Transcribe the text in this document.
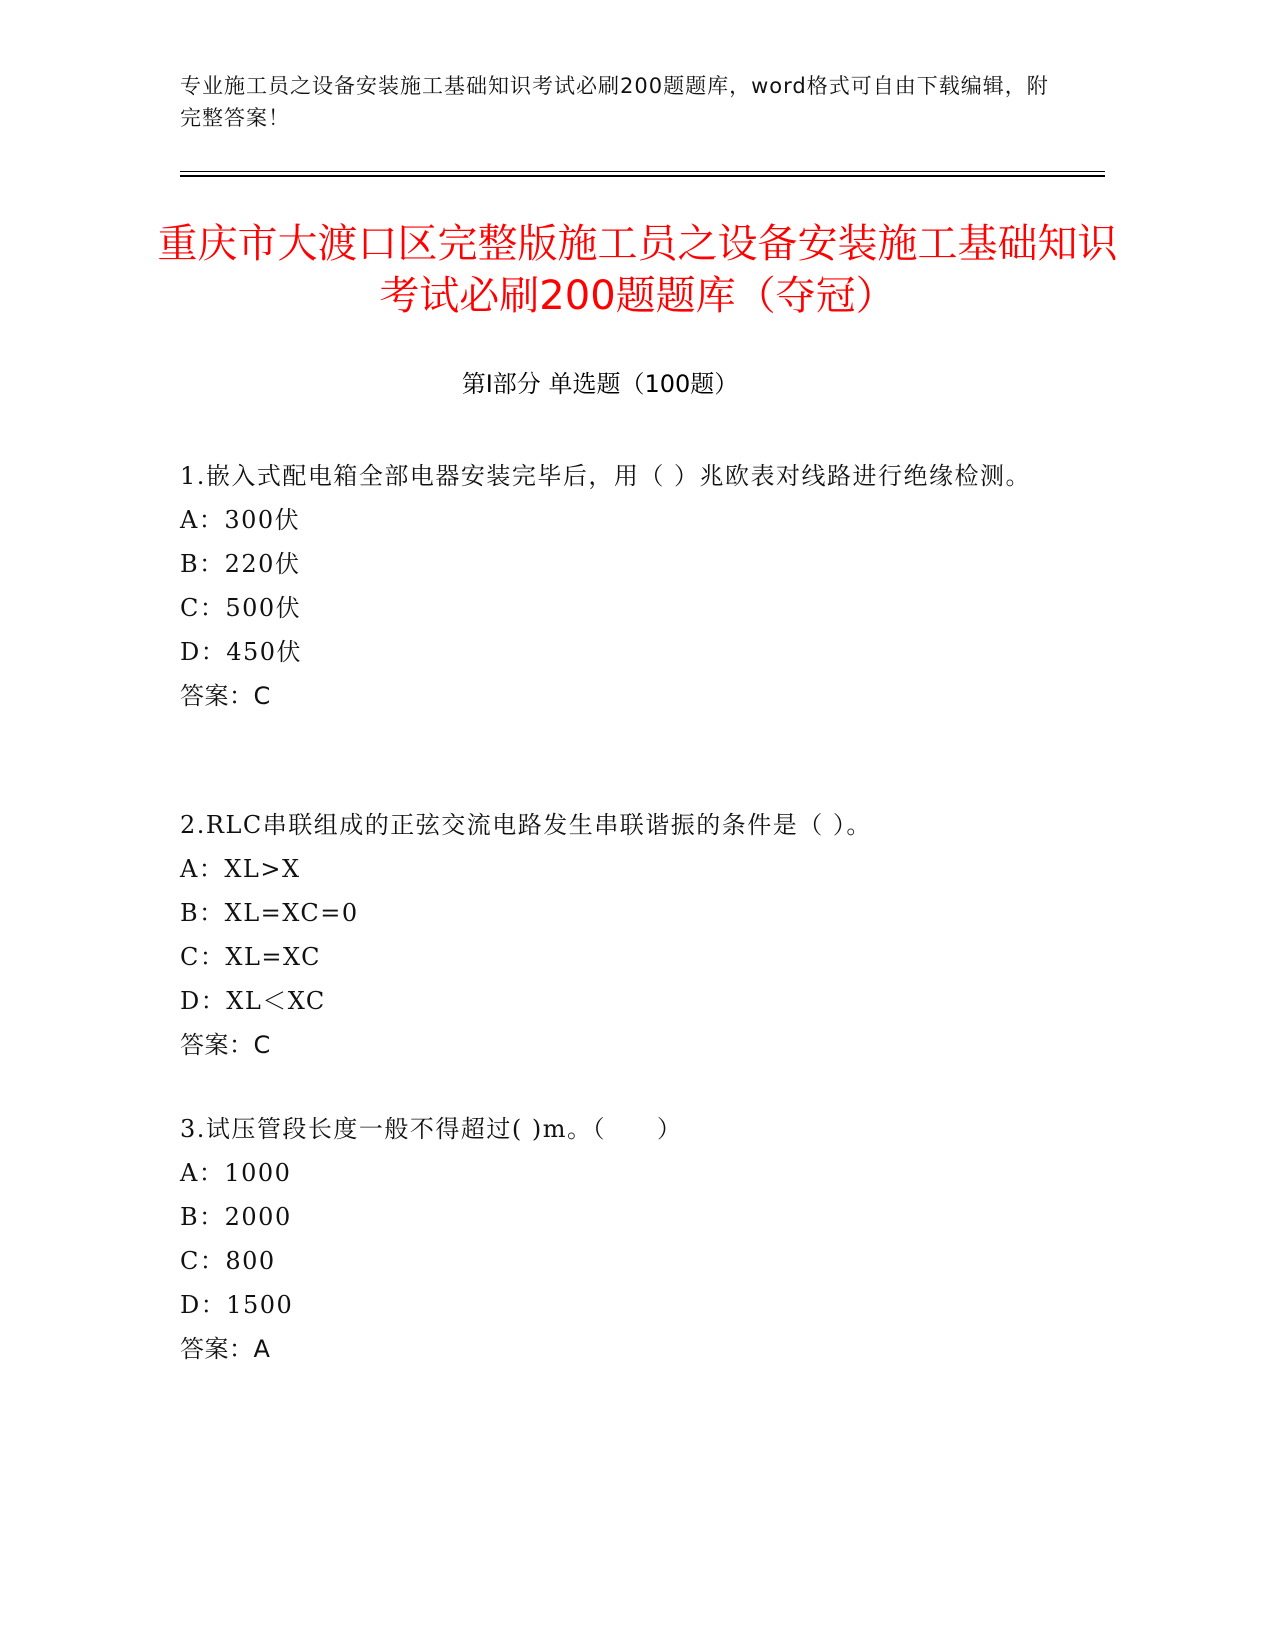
专业施工员之设备安装施工基础知识考试必刷200题题库，word格式可自由下载编辑，附完整答案！
重庆市大渡口区完整版施工员之设备安装施工基础知识考试必刷200题题库（夺冠）
第Ⅰ部分 单选题（100题）
1.嵌入式配电箱全部电器安装完毕后，用（ ）兆欧表对线路进行绝缘检测。
A：300伏
B：220伏
C：500伏
D：450伏
答案：C
2.RLC串联组成的正弦交流电路发生串联谐振的条件是（ ）。
A：XL>X
B：XL=XC=0
C：XL=XC
D：XL＜XC
答案：C
3.试压管段长度一般不得超过( )m。（　　）
A：1000
B：2000
C：800
D：1500
答案：A
